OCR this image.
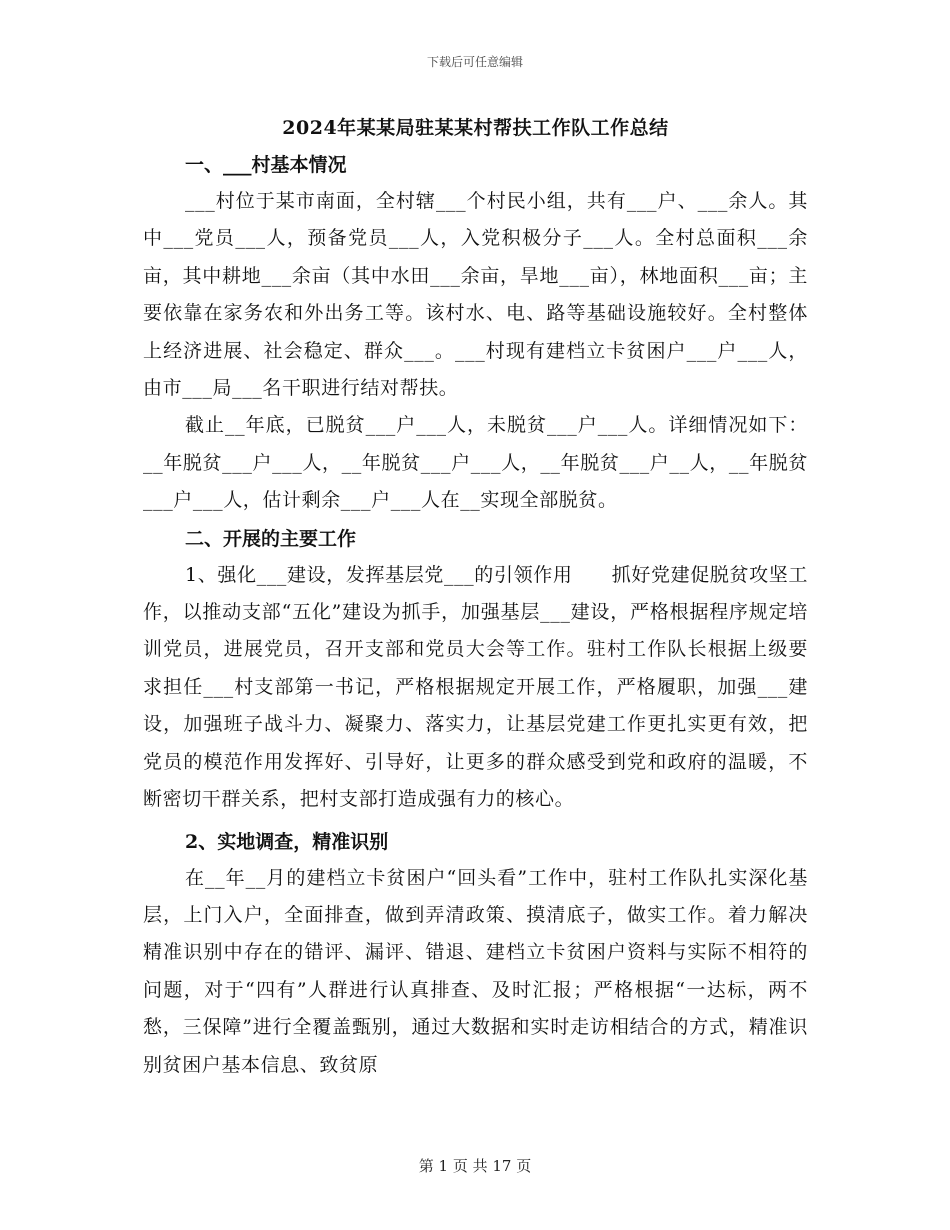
下载后可任意编辑
2024年某某局驻某某村帮扶工作队工作总结
一、___村基本情况

___村位于某市南面，全村辖___个村民小组，共有___户、___余人。其中___党员___人，预备党员___人，入党积极分子___人。全村总面积___余亩，其中耕地___余亩（其中水田___余亩，旱地___亩），林地面积___亩；主要依靠在家务农和外出务工等。该村水、电、路等基础设施较好。全村整体上经济进展、社会稳定、群众___。___村现有建档立卡贫困户___户___人，由市___局___名干职进行结对帮扶。

截止__年底，已脱贫___户___人，未脱贫___户___人。详细情况如下：__年脱贫___户___人，__年脱贫___户___人，__年脱贫___户__人，__年脱贫___户___人，估计剩余___户___人在__实现全部脱贫。

二、开展的主要工作

1、强化___建设，发挥基层党___的引领作用　　抓好党建促脱贫攻坚工作，以推动支部“五化”建设为抓手，加强基层___建设，严格根据程序规定培训党员，进展党员，召开支部和党员大会等工作。驻村工作队长根据上级要求担任___村支部第一书记，严格根据规定开展工作，严格履职，加强___建设，加强班子战斗力、凝聚力、落实力，让基层党建工作更扎实更有效，把党员的模范作用发挥好、引导好，让更多的群众感受到党和政府的温暖，不断密切干群关系，把村支部打造成强有力的核心。

2、实地调查，精准识别

在__年__月的建档立卡贫困户“回头看”工作中，驻村工作队扎实深化基层，上门入户，全面排查，做到弄清政策、摸清底子，做实工作。着力解决精准识别中存在的错评、漏评、错退、建档立卡贫困户资料与实际不相符的问题，对于“四有”人群进行认真排查、及时汇报；严格根据“一达标，两不愁，三保障”进行全覆盖甄别，通过大数据和实时走访相结合的方式，精准识别贫困户基本信息、致贫原

第 1 页 共 17 页
